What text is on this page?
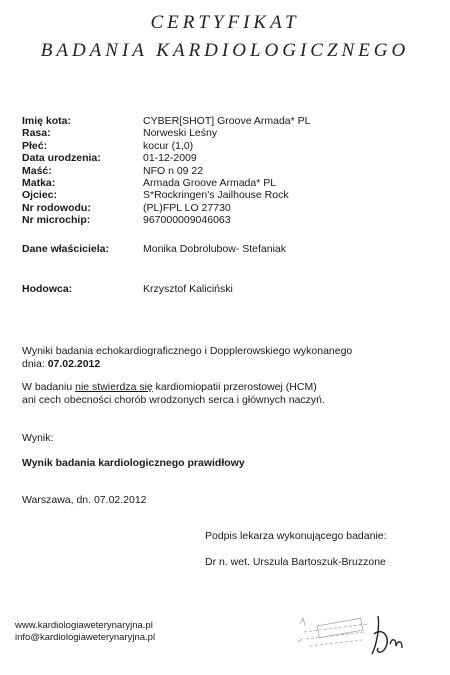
CERTYFIKAT
BADANIA KARDIOLOGICZNEGO
Imię kota:	CYBER[SHOT] Groove Armada* PL
Rasa:	Norweski Leśny
Płeć:	kocur (1,0)
Data urodzenia:	01-12-2009
Maść:	NFO n 09 22
Matka:	Armada Groove Armada* PL
Ojciec:	S*Rockringen's Jailhouse Rock
Nr rodowodu:	(PL)FPL LO 27730
Nr microchip:	967000009046063
Dane właściciela:	Monika Dobrolubow- Stefaniak
Hodowca:	Krzysztof Kaliciński
Wyniki badania echokardiograficznego i Dopplerowskiego wykonanego
dnia: 07.02.2012
W badaniu nie stwierdza się kardiomiopatii przerostowej (HCM)
ani cech obecności chorób wrodzonych serca i głównych naczyń.
Wynik:
Wynik badania kardiologicznego prawidłowy
Warszawa, dn. 07.02.2012
Podpis lekarza wykonującego badanie:
Dr n. wet. Urszula Bartoszuk-Bruzzone
www.kardiologiaweterynaryjna.pl
info@kardiologiaweterynaryjna.pl
